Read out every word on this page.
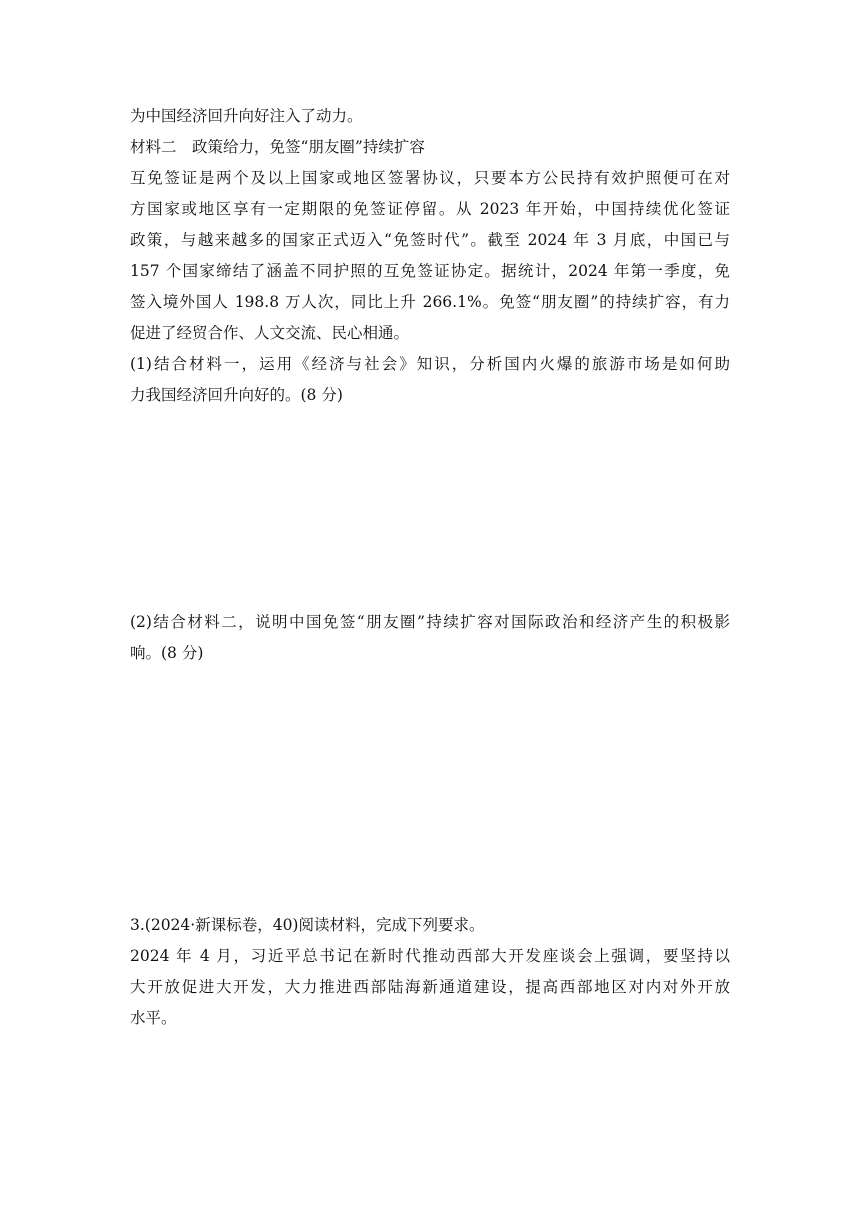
为中国经济回升向好注入了动力。

材料二　政策给力，免签“朋友圈”持续扩容

互免签证是两个及以上国家或地区签署协议，只要本方公民持有效护照便可在对

方国家或地区享有一定期限的免签证停留。从 2023 年开始，中国持续优化签证

政策，与越来越多的国家正式迈入“免签时代”。截至 2024 年 3 月底，中国已与

157 个国家缔结了涵盖不同护照的互免签证协定。据统计，2024 年第一季度，免

签入境外国人 198.8 万人次，同比上升 266.1%。免签“朋友圈”的持续扩容，有力

促进了经贸合作、人文交流、民心相通。

(1)结合材料一，运用《经济与社会》知识，分析国内火爆的旅游市场是如何助

力我国经济回升向好的。(8 分)

(2)结合材料二，说明中国免签“朋友圈”持续扩容对国际政治和经济产生的积极影

响。(8 分)

3.(2024·新课标卷，40)阅读材料，完成下列要求。

2024 年 4 月，习近平总书记在新时代推动西部大开发座谈会上强调，要坚持以

大开放促进大开发，大力推进西部陆海新通道建设，提高西部地区对内对外开放

水平。
